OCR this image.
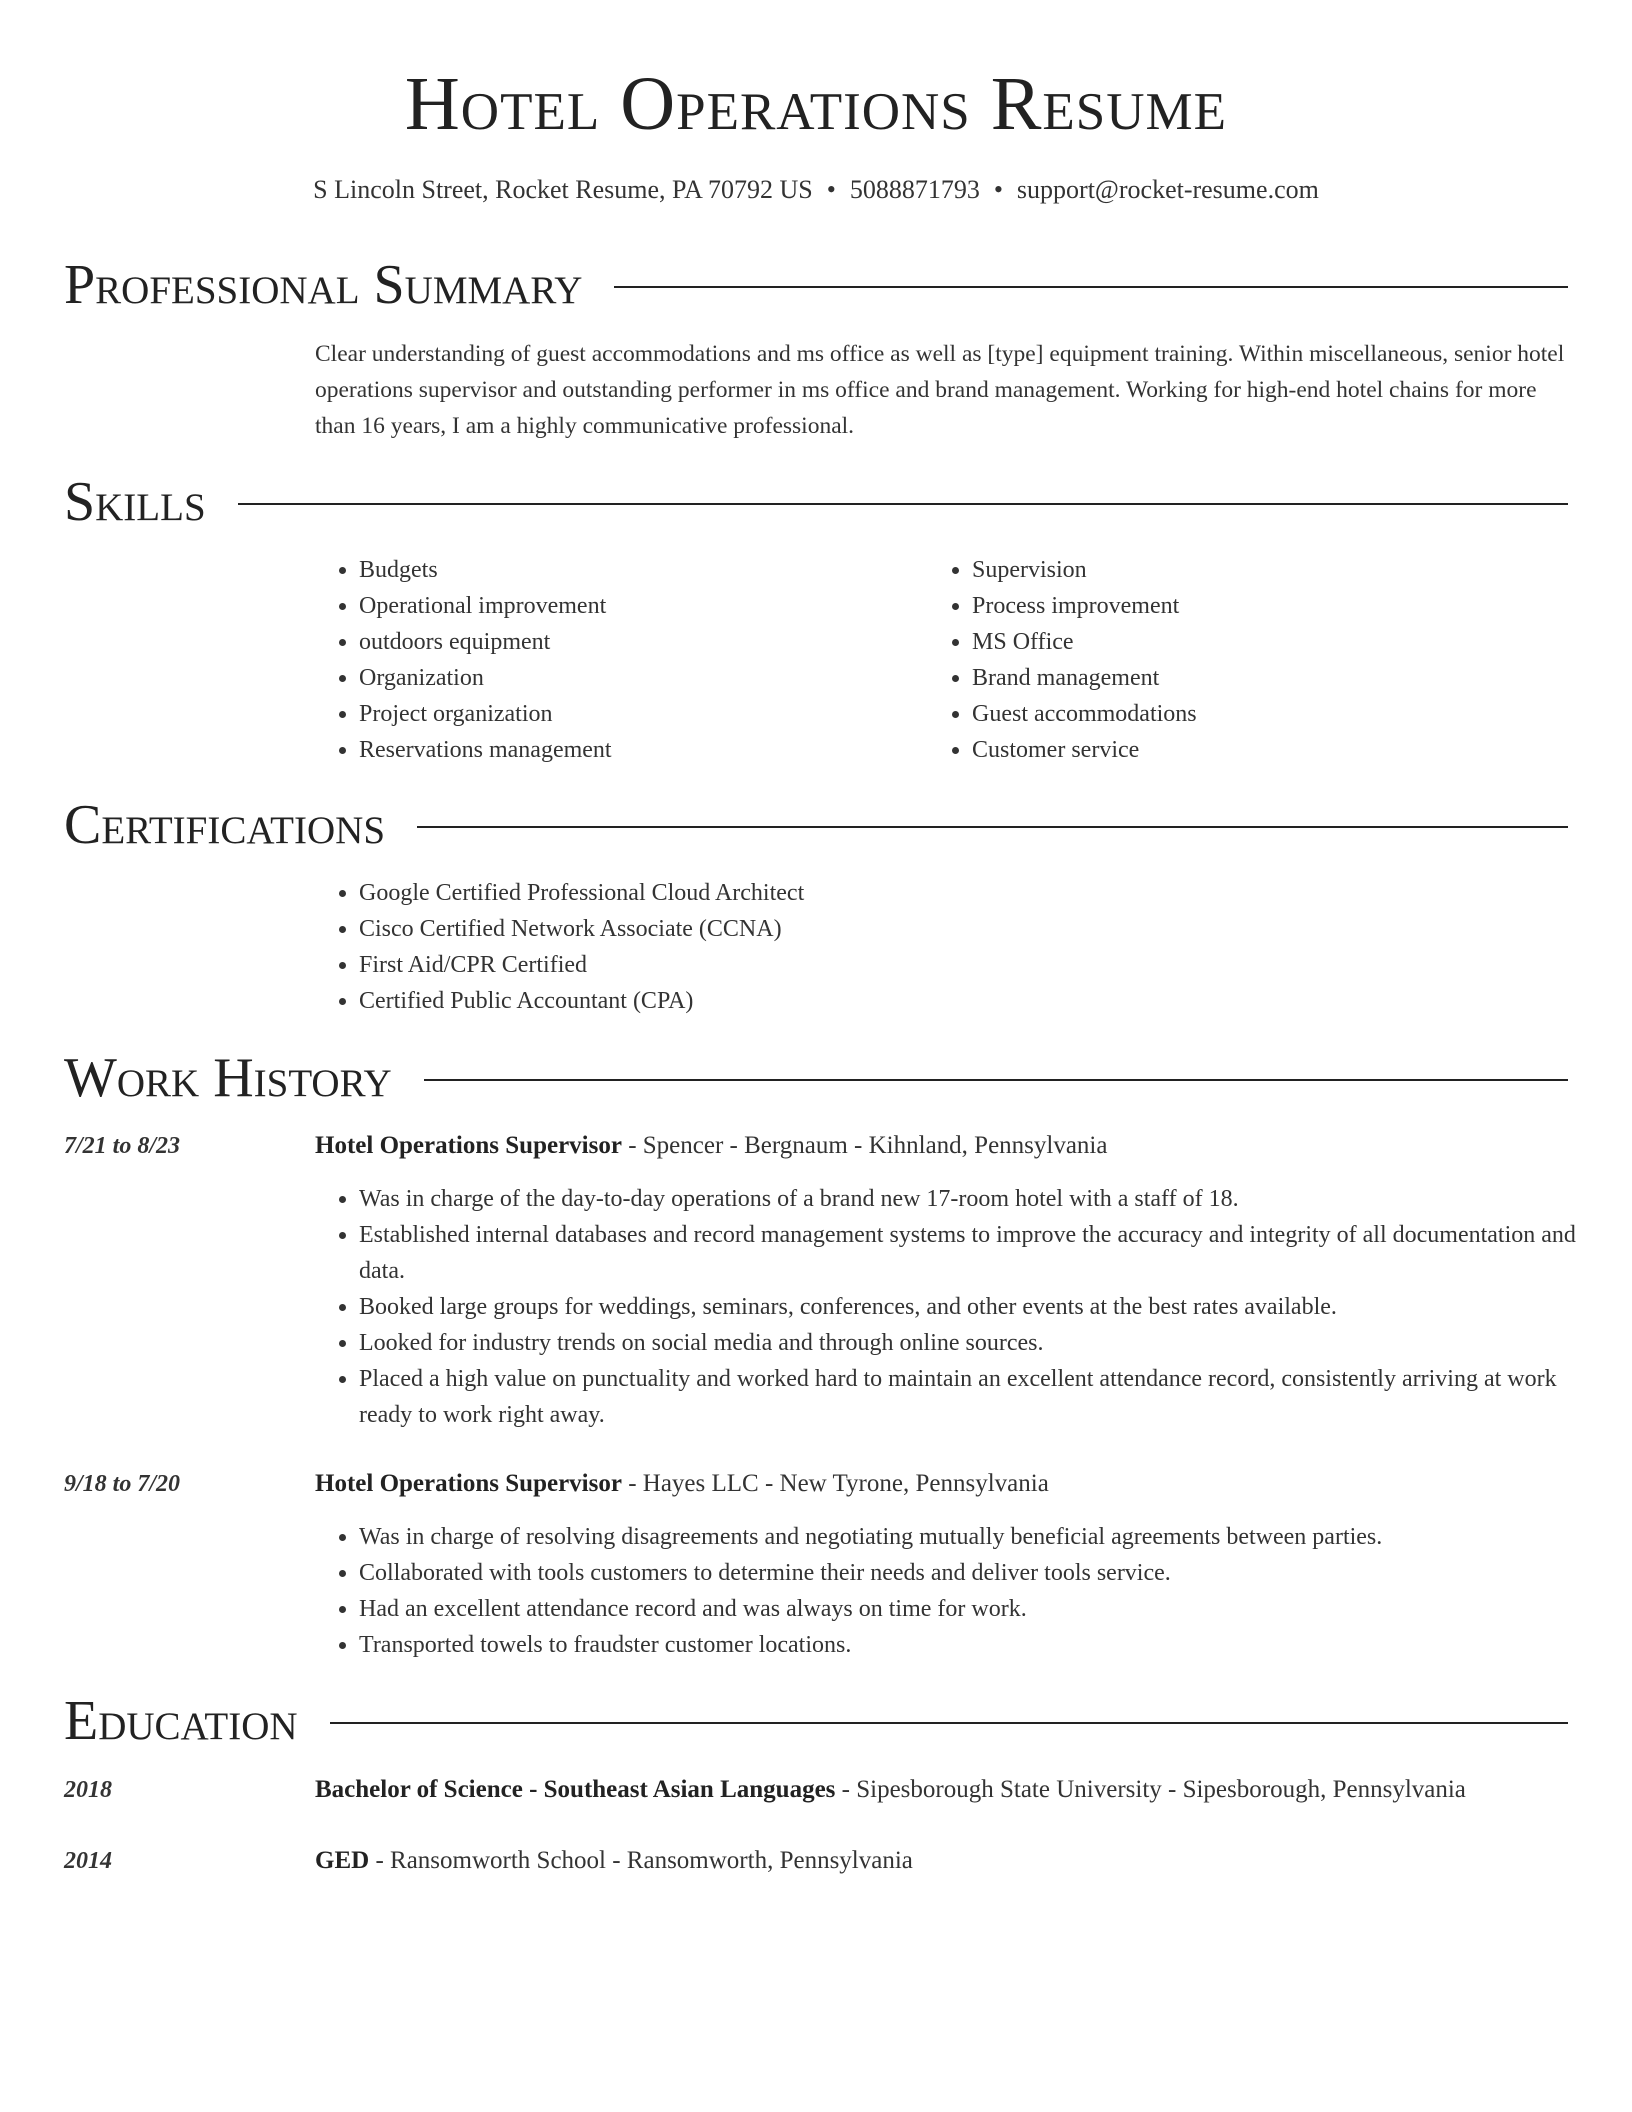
Hotel Operations Resume
S Lincoln Street, Rocket Resume, PA 70792 US • 5088871793 • support@rocket-resume.com
Professional Summary
Clear understanding of guest accommodations and ms office as well as [type] equipment training. Within miscellaneous, senior hotel operations supervisor and outstanding performer in ms office and brand management. Working for high-end hotel chains for more than 16 years, I am a highly communicative professional.
Skills
• Budgets
• Operational improvement
• outdoors equipment
• Organization
• Project organization
• Reservations management
• Supervision
• Process improvement
• MS Office
• Brand management
• Guest accommodations
• Customer service
Certifications
• Google Certified Professional Cloud Architect
• Cisco Certified Network Associate (CCNA)
• First Aid/CPR Certified
• Certified Public Accountant (CPA)
Work History
7/21 to 8/23	Hotel Operations Supervisor - Spencer - Bergnaum - Kihnland, Pennsylvania
• Was in charge of the day-to-day operations of a brand new 17-room hotel with a staff of 18.
• Established internal databases and record management systems to improve the accuracy and integrity of all documentation and data.
• Booked large groups for weddings, seminars, conferences, and other events at the best rates available.
• Looked for industry trends on social media and through online sources.
• Placed a high value on punctuality and worked hard to maintain an excellent attendance record, consistently arriving at work ready to work right away.
9/18 to 7/20	Hotel Operations Supervisor - Hayes LLC - New Tyrone, Pennsylvania
• Was in charge of resolving disagreements and negotiating mutually beneficial agreements between parties.
• Collaborated with tools customers to determine their needs and deliver tools service.
• Had an excellent attendance record and was always on time for work.
• Transported towels to fraudster customer locations.
Education
2018	Bachelor of Science - Southeast Asian Languages - Sipesborough State University - Sipesborough, Pennsylvania
2014	GED - Ransomworth School - Ransomworth, Pennsylvania
